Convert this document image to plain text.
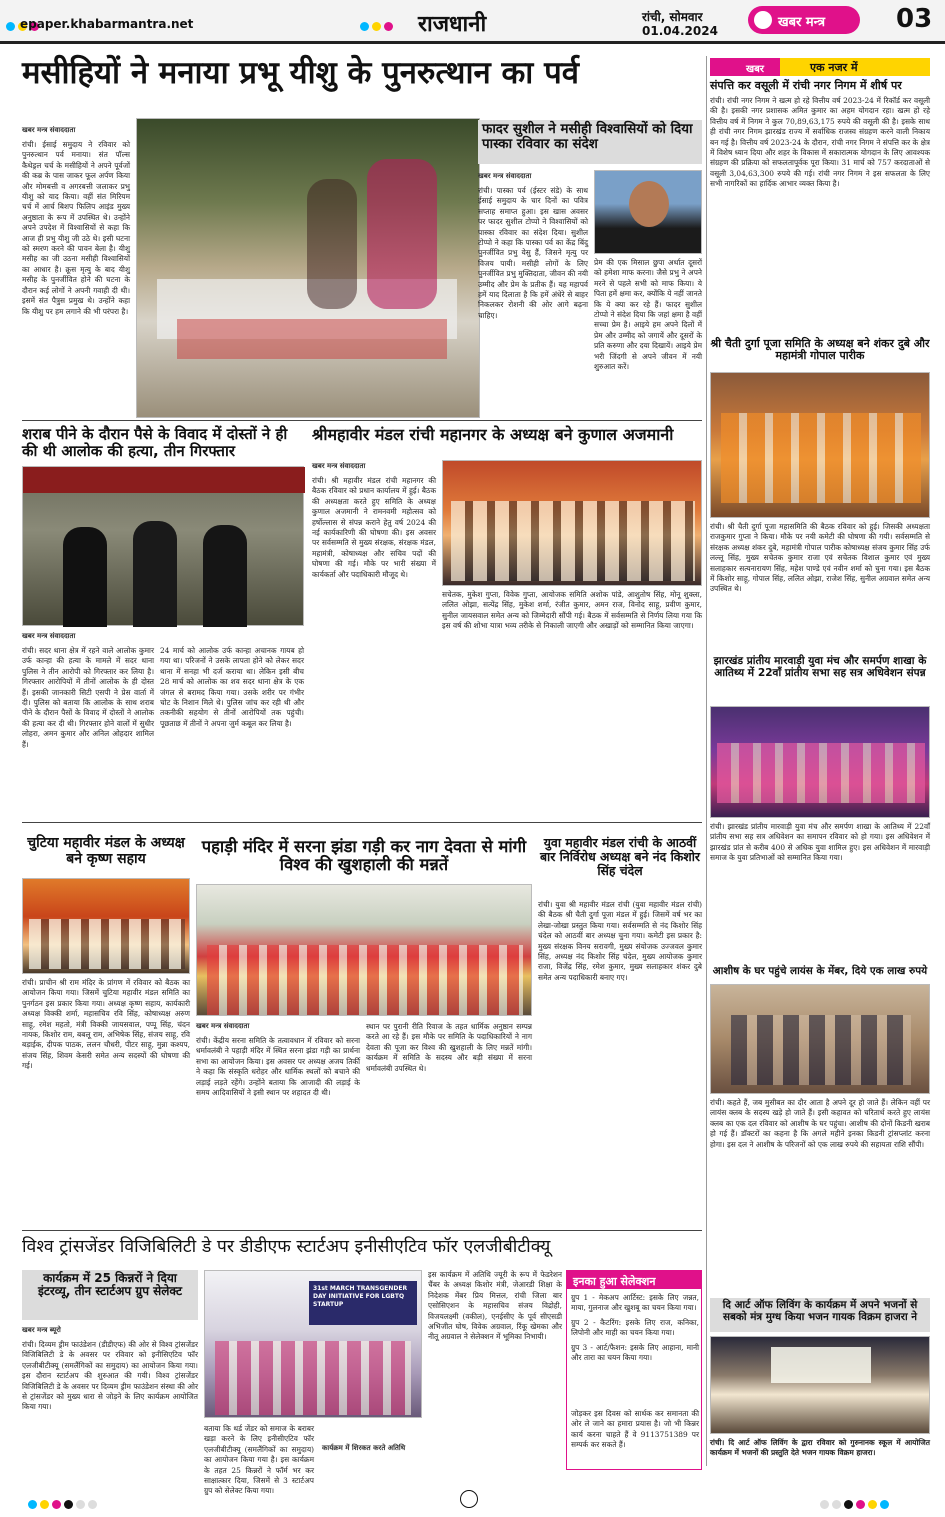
epaper.khabarmantra.net	राजधानी	रांची, सोमवार
01.04.2024
खबर मन्त्र	03
मसीहियों ने मनाया प्रभू यीशु के पुनरुत्थान का पर्व
खबर मन्त्र संवाददाता
रांची। ईसाई समुदाय ने रविवार को पुनरुत्थान पर्व मनाया। संत पॉल्स कैथेड्रल चर्च के मसीहियों ने अपने पूर्वजों की कब्र के पास जाकर फूल अर्पण किया और मोमबत्ती व अगरबत्ती जलाकर प्रभु यीशु को याद किया। वहीं संत मिरियम चर्च में आर्च बिशप फिलिप आइंड मुख्य अनुष्ठाता के रूप में उपस्थित थे। उन्होंने अपने उपदेश में विश्वासियों से कहा कि आज ही प्रभु यीशु जी उठे थे। इसी घटना को स्मरण करने की पावन बेला है। यीशु मसीह का जी उठना मसीही विश्वासियों का आधार है। क्रूस मृत्यु के बाद यीशु मसीह के पुनर्जीवित होने की घटना के दौरान कई लोगों ने अपनी गवाही दी थी। इसमें संत पैत्रुस प्रमुख थे। उन्होंने कहा कि यीशु पर हम लगाने की भी परंपरा है।
फादर सुशील ने मसीही विश्वासियों को दिया पास्का रविवार का संदेश
खबर मन्त्र संवाददाता
रांची। पास्का पर्व (ईस्टर संडे) के साथ ईसाई समुदाय के चार दिनों का पवित्र सप्ताह समाप्त हुआ। इस खास अवसर पर फादर सुशील टोप्पो ने विश्वासियों को पास्का रविवार का संदेश दिया। सुशील टोप्पो ने कहा कि पास्का पर्व का केंद्र बिंदु पुनर्जीवित प्रभु येसु हैं, जिसने मृत्यु पर विजय पायी। मसीही लोगों के लिए पुनर्जीवित प्रभु मुक्तिदाता, जीवन की नयी उम्मीद और प्रेम के प्रतीक हैं। यह महापर्व हमें याद दिलाता है कि हमें अंधेरे से बाहर निकलकर रोशनी की ओर आगे बढ़ना चाहिए।
प्रेम की एक मिसाल छुपा अर्थात दूसरों को हमेशा माफ करना। जैसे प्रभु ने अपने मरने से पहले सभी को माफ किया। ये पिता हमें क्षमा कर, क्योंकि ये नहीं जानते कि ये क्या कर रहे हैं। फादर सुशील टोप्पो ने संदेश दिया कि जहां क्षमा है वहीं सच्चा प्रेम है। आइये हम अपने दिलों में प्रेम और उम्मीद को जगायें और दूसरों के प्रति करुणा और दया दिखायें। आइये प्रेम भरी जिंदगी से अपने जीवन में नयी शुरुआत करें।
खबर	एक नजर में
संपत्ति कर वसूली में रांची नगर निगम में शीर्ष पर
रांची। रांची नगर निगम ने खत्म हो रहे वित्तीय वर्ष 2023-24 में रिकॉर्ड कर वसूली की है। इसकी नगर प्रशासक अमित कुमार का अहम योगदान रहा। खत्म हो रहे वित्तीय वर्ष में निगम ने कुल 70,89,63,175 रुपये की वसूली की है। इसके साथ ही रांची नगर निगम झारखंड राज्य में सर्वाधिक राजस्व संग्रहण करने वाली निकाय बन गई है। वित्तीय वर्ष 2023-24 के दौरान, रांची नगर निगम ने संपत्ति कर के क्षेत्र में विशेष ध्यान दिया और शहर के विकास में सकारात्मक योगदान के लिए आवश्यक संग्रहण की प्रक्रिया को सफलतापूर्वक पूरा किया। 31 मार्च को 757 करदाताओं से वसूली 3,04,63,300 रुपये की गई। रांची नगर निगम ने इस सफलता के लिए सभी नागरिकों का हार्दिक आभार व्यक्त किया है।
श्री चैती दुर्गा पूजा समिति के अध्यक्ष बने शंकर दुबे और महामंत्री गोपाल पारीक
रांची। श्री चैती दुर्गा पूजा महासमिति की बैठक रविवार को हुई। जिसकी अध्यक्षता राजकुमार गुप्ता ने किया। मौके पर नयी कमेटी की घोषणा की गयी। सर्वसम्मति से संरक्षक अध्यक्ष शंकर दुबे, महामंत्री गोपाल पारीक कोषाध्यक्ष संजय कुमार सिंह उर्फ लल्लू सिंह, मुख्य सचेतक कुमार राजा एवं सचेतक विशाल कुमार एवं मुख्य सलाहकार सत्यनारायण सिंह, महेश पाण्डे एवं नवीन शर्मा को चुना गया। इस बैठक में किशोर साहू, गोपाल सिंह, ललित ओझा, राजेश सिंह, सुनील अग्रवाल समेत अन्य उपस्थित थे।
झारखंड प्रांतीय मारवाड़ी युवा मंच और समर्पण शाखा के आतिथ्य में 22वाँ प्रांतीय सभा सह सत्र अधिवेशन संपन्न
रांची। झारखंड प्रांतीय मारवाड़ी युवा मंच और समर्पण शाखा के आतिथ्य में 22वाँ प्रांतीय सभा सह सत्र अधिवेशन का समापन रविवार को हो गया। इस अधिवेशन में झारखंड प्रांत से करीब 400 से अधिक युवा शामिल हुए। इस अधिवेशन में मारवाड़ी समाज के युवा प्रतिभाओं को सम्मानित किया गया।
आशीष के घर पहुंचे लायंस के मेंबर, दिये एक लाख रुपये
रांची। कहते हैं, जब मुसीबत का दौर आता है अपने दूर हो जाते हैं। लेकिन वहीं पर लायंस क्लब के सदस्य खड़े हो जाते हैं। इसी कहावत को चरितार्थ करते हुए लायंस क्लब का एक दल रविवार को आशीष के घर पहुंचा। आशीष की दोनों किडनी खराब हो गई हैं। डॉक्टरों का कहना है कि अगले महीने इनका किडनी ट्रांसप्लांट करना होगा। इस दल ने आशीष के परिजनों को एक लाख रुपये की सहायता राशि सौंपी।
दि आर्ट ऑफ लिविंग के कार्यक्रम में अपने भजनों से सबको मंत्र मुग्ध किया भजन गायक विक्रम हाजरा ने
रांची। दि आर्ट ऑफ लिविंग के द्वारा रविवार को गुरुनानक स्कूल में आयोजित कार्यक्रम में भजनों की प्रस्तुति देते भजन गायक विक्रम हाजरा।
शराब पीने के दौरान पैसे के विवाद में दोस्तों ने ही की थी आलोक की हत्या, तीन गिरफ्तार
खबर मन्त्र संवाददाता
रांची। सदर थाना क्षेत्र में रहने वाले आलोक कुमार उर्फ कान्हा की हत्या के मामले में सदर थाना पुलिस ने तीन आरोपी को गिरफ्तार कर लिया है। गिरफ्तार आरोपियों में तीनों आलोक के ही दोस्त हैं। इसकी जानकारी सिटी एसपी ने प्रेस वार्ता में दी। पुलिस को बताया कि आलोक के साथ शराब पीने के दौरान पैसों के विवाद में दोस्तों ने आलोक की हत्या कर दी थी। गिरफ्तार होने वालों में सुधीर लोहरा, अमन कुमार और अनिल ओहदार शामिल हैं।
24 मार्च को आलोक उर्फ कान्हा अचानक गायब हो गया था। परिजनों ने उसके लापता होने को लेकर सदर थाना में सनहा भी दर्ज कराया था। लेकिन इसी बीच 28 मार्च को आलोक का शव सदर थाना क्षेत्र के एक जंगल से बरामद किया गया। उसके शरीर पर गंभीर चोट के निशान मिले थे। पुलिस जांच कर रही थी और तकनीकी सहयोग से तीनों आरोपियों तक पहुंची। पूछताछ में तीनों ने अपना जुर्म कबूल कर लिया है।
श्रीमहावीर मंडल रांची महानगर के अध्यक्ष बने कुणाल अजमानी
खबर मन्त्र संवाददाता
रांची। श्री महावीर मंडल रांची महानगर की बैठक रविवार को प्रधान कार्यालय में हुई। बैठक की अध्यक्षता करते हुए समिति के अध्यक्ष कुणाल अजमानी ने रामनवमी महोत्सव को हर्षोल्लास से संपन्न कराने हेतु वर्ष 2024 की नई कार्यकारिणी की घोषणा की। इस अवसर पर सर्वसम्मति से मुख्य संरक्षक, संरक्षक मंडल, महामंत्री, कोषाध्यक्ष और सचिव पदों की घोषणा की गई। मौके पर भारी संख्या में कार्यकर्ता और पदाधिकारी मौजूद थे।
सचेतक, मुकेश गुप्ता, विवेक गुप्ता, आयोजक समिति अशोक पांडे, आशुतोष सिंह, मोनू शुक्ला, ललित ओझा, सत्येंद्र सिंह, मुकेश शर्मा, रंजीत कुमार, अमन राज, विनोद साहू, प्रवीण कुमार, सुनील जायसवाल समेत अन्य को जिम्मेदारी सौंपी गई। बैठक में सर्वसम्मति से निर्णय लिया गया कि इस वर्ष की शोभा यात्रा भव्य तरीके से निकाली जाएगी और अखाड़ों को सम्मानित किया जाएगा।
चुटिया महावीर मंडल के अध्यक्ष बने कृष्ण सहाय
रांची। प्राचीन श्री राम मंदिर के प्रांगण में रविवार को बैठक का आयोजन किया गया। जिसमें चुटिया महावीर मंडल समिति का पुनर्गठन इस प्रकार किया गया। अध्यक्ष कृष्ण सहाय, कार्यकारी अध्यक्ष विक्की शर्मा, महासचिव रवि सिंह, कोषाध्यक्ष अरुण साहू, रमेश महतो, मंत्री विक्की जायसवाल, पप्पू सिंह, चंदन नायक, किशोर राम, बबलू राम, अभिषेक सिंह, संजय साहू, रवि बड़ाईक, दीपक पाठक, ललन चौधरी, पीटर साहू, मुन्ना कश्यप, संजय सिंह, शिवम केसरी समेत अन्य सदस्यों की घोषणा की गई।
पहाड़ी मंदिर में सरना झंडा गड़ी कर नाग देवता से मांगी विश्व की खुशहाली की मन्नतें
खबर मन्त्र संवाददाता
रांची। केंद्रीय सरना समिति के तत्वावधान में रविवार को सरना धर्मावलंबी ने पहाड़ी मंदिर में स्थित सरना झंडा गड़ी का प्रार्थना सभा का आयोजन किया। इस अवसर पर अध्यक्ष अजय तिर्की ने कहा कि संस्कृति धरोहर और धार्मिक स्थलों को बचाने की लड़ाई लड़ते रहेंगे। उन्होंने बताया कि आजादी की लड़ाई के समय आदिवासियों ने इसी स्थान पर शहादत दी थी।
स्थान पर पुरानी रीति रिवाज के तहत धार्मिक अनुष्ठान सम्पन्न करते आ रहे हैं। इस मौके पर समिति के पदाधिकारियों ने नाग देवता की पूजा कर विश्व की खुशहाली के लिए मन्नतें मांगी। कार्यक्रम में समिति के सदस्य और बड़ी संख्या में सरना धर्मावलंबी उपस्थित थे।
युवा महावीर मंडल रांची के आठवीं बार निर्विरोध अध्यक्ष बने नंद किशोर सिंह चंदेल
रांची। युवा श्री महावीर मंडल रांची (युवा महावीर मंडल रांची) की बैठक श्री चैती दुर्गा पूजा मंडल में हुई। जिसमें वर्ष भर का लेखा-जोखा प्रस्तुत किया गया। सर्वसम्मति से नंद किशोर सिंह चंदेल को आठवीं बार अध्यक्ष चुना गया। कमेटी इस प्रकार है: मुख्य संरक्षक विनय सरावगी, मुख्य संयोजक उज्जवल कुमार सिंह, अध्यक्ष नंद किशोर सिंह चंदेल, मुख्य आयोजक कुमार राजा, विजेंद्र सिंह, रमेश कुमार, मुख्य सलाहकार शंकर दुबे समेत अन्य पदाधिकारी बनाए गए।
विश्व ट्रांसजेंडर विजिबिलिटी डे पर डीडीएफ स्टार्टअप इनीसीएटिव फॉर एलजीबीटीक्यू
कार्यक्रम में 25 किन्नरों ने दिया इंटरव्यू, तीन स्टार्टअप ग्रुप सेलेक्ट
खबर मन्त्र ब्यूरो
रांची। दिव्यम ड्रीम फाउंडेशन (डीडीएफ) की ओर से विश्व ट्रांसजेंडर विजिबिलिटी डे के अवसर पर रविवार को इनीसिएटिव फॉर एलजीबीटीक्यू (समलैंगिकों का समुदाय) का आयोजन किया गया। इस दौरान स्टार्टअप की शुरुआत की गयी। विश्व ट्रांसजेंडर विजिबिलिटी डे के अवसर पर दिव्यम ड्रीम फाउंडेशन संस्था की ओर से ट्रांसजेंडर को मुख्य धारा से जोड़ने के लिए कार्यक्रम आयोजित किया गया।
31st MARCH TRANSGENDER DAY INITIATIVE FOR LGBTQ STARTUP
बताया कि थर्ड जेंडर को समाज के बराबर खड़ा करने के लिए इनीसीएटिव फॉर एलजीबीटीक्यू (समलैंगिकों का समुदाय) का आयोजन किया गया है। इस कार्यक्रम के तहत 25 किन्नरों ने फॉर्म भर कर साक्षात्कार दिया, जिसमें से 3 स्टार्टअप ग्रुप को सेलेक्ट किया गया।
कार्यक्रम में शिरकत करते अतिथि
इस कार्यक्रम में अतिथि ज्यूरी के रूप में फेडरेशन चैंबर के अध्यक्ष किशोर मंत्री, जेआरडी शिक्षा के निदेशक मेंबर प्रिय मित्तल, रांची जिला बार एसोसिएशन के महासचिव संजय विद्रोही, विजयलक्ष्मी (वकील), एनईसीए के पूर्व सीएसडी अभिजीत घोष, विवेक अग्रवाल, रिंकू खेमका और नीतू अग्रवाल ने सेलेक्शन में भूमिका निभायी।
इनका हुआ सेलेक्शन
ग्रुप 1 - मेकअप आर्टिस्ट: इसके लिए जन्नत, माया, गुलनाज और खुशबू का चयन किया गया।
ग्रुप 2 - कैटरिंग: इसके लिए राज, कनिका, लिपोनी और माही का चयन किया गया।
ग्रुप 3 - आर्ट/फैशन: इसके लिए आहाना, मानी और तारा का चयन किया गया।
जोड़कर इस दिवस को सार्थक कर समानता की ओर ले जाने का हमारा प्रयास है। जो भी किन्नर कार्य करना चाहते हैं वे 9113751389 पर सम्पर्क कर सकते हैं।
